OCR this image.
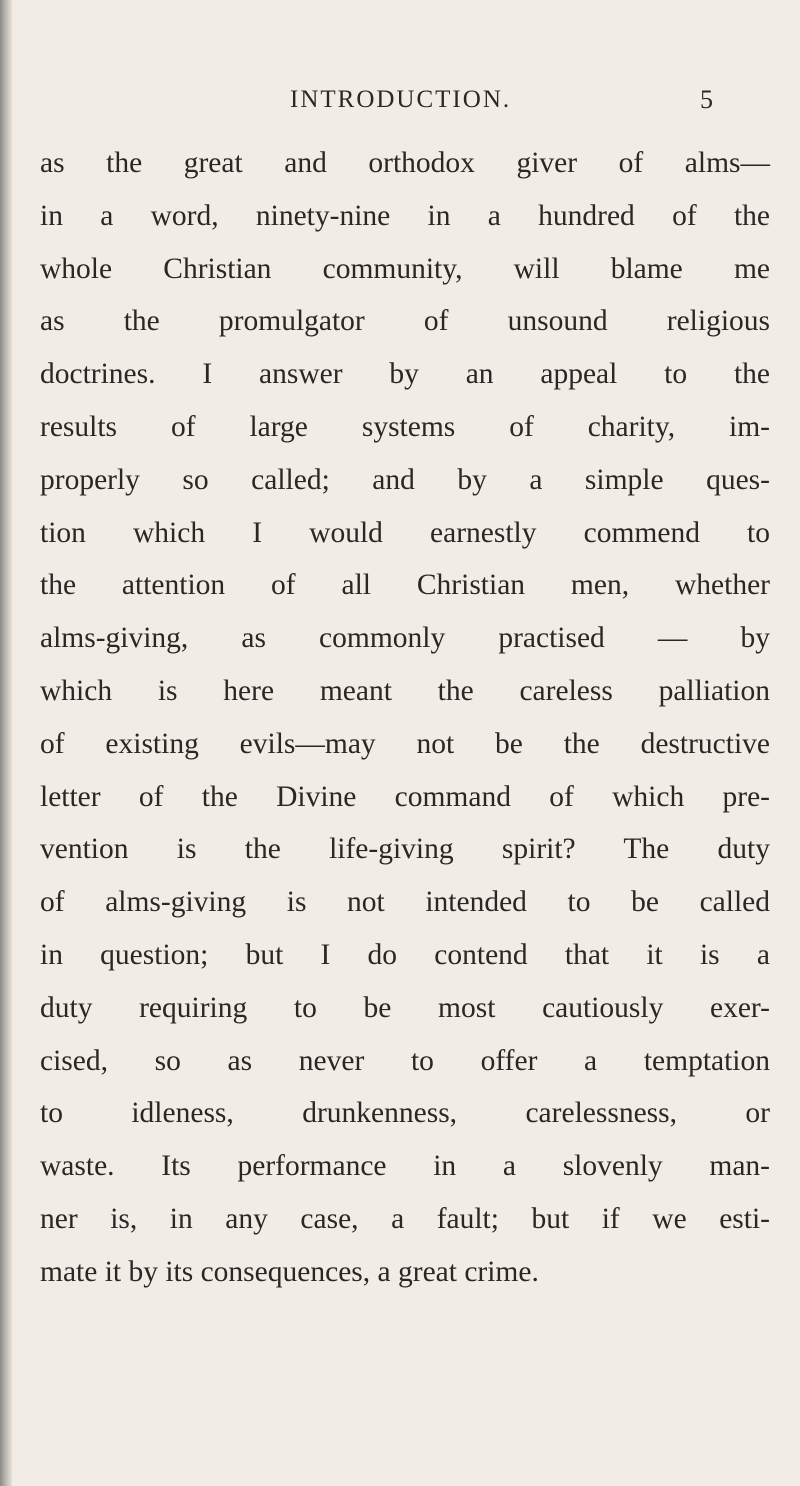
INTRODUCTION.	5
as the great and orthodox giver of alms—
in a word, ninety-nine in a hundred of the
whole Christian community, will blame me
as the promulgator of unsound religious
doctrines. I answer by an appeal to the
results of large systems of charity, im-
properly so called; and by a simple ques-
tion which I would earnestly commend to
the attention of all Christian men, whether
alms-giving, as commonly practised — by
which is here meant the careless palliation
of existing evils—may not be the destructive
letter of the Divine command of which pre-
vention is the life-giving spirit? The duty
of alms-giving is not intended to be called
in question; but I do contend that it is a
duty requiring to be most cautiously exer-
cised, so as never to offer a temptation
to idleness, drunkenness, carelessness, or
waste. Its performance in a slovenly man-
ner is, in any case, a fault; but if we esti-
mate it by its consequences, a great crime.
